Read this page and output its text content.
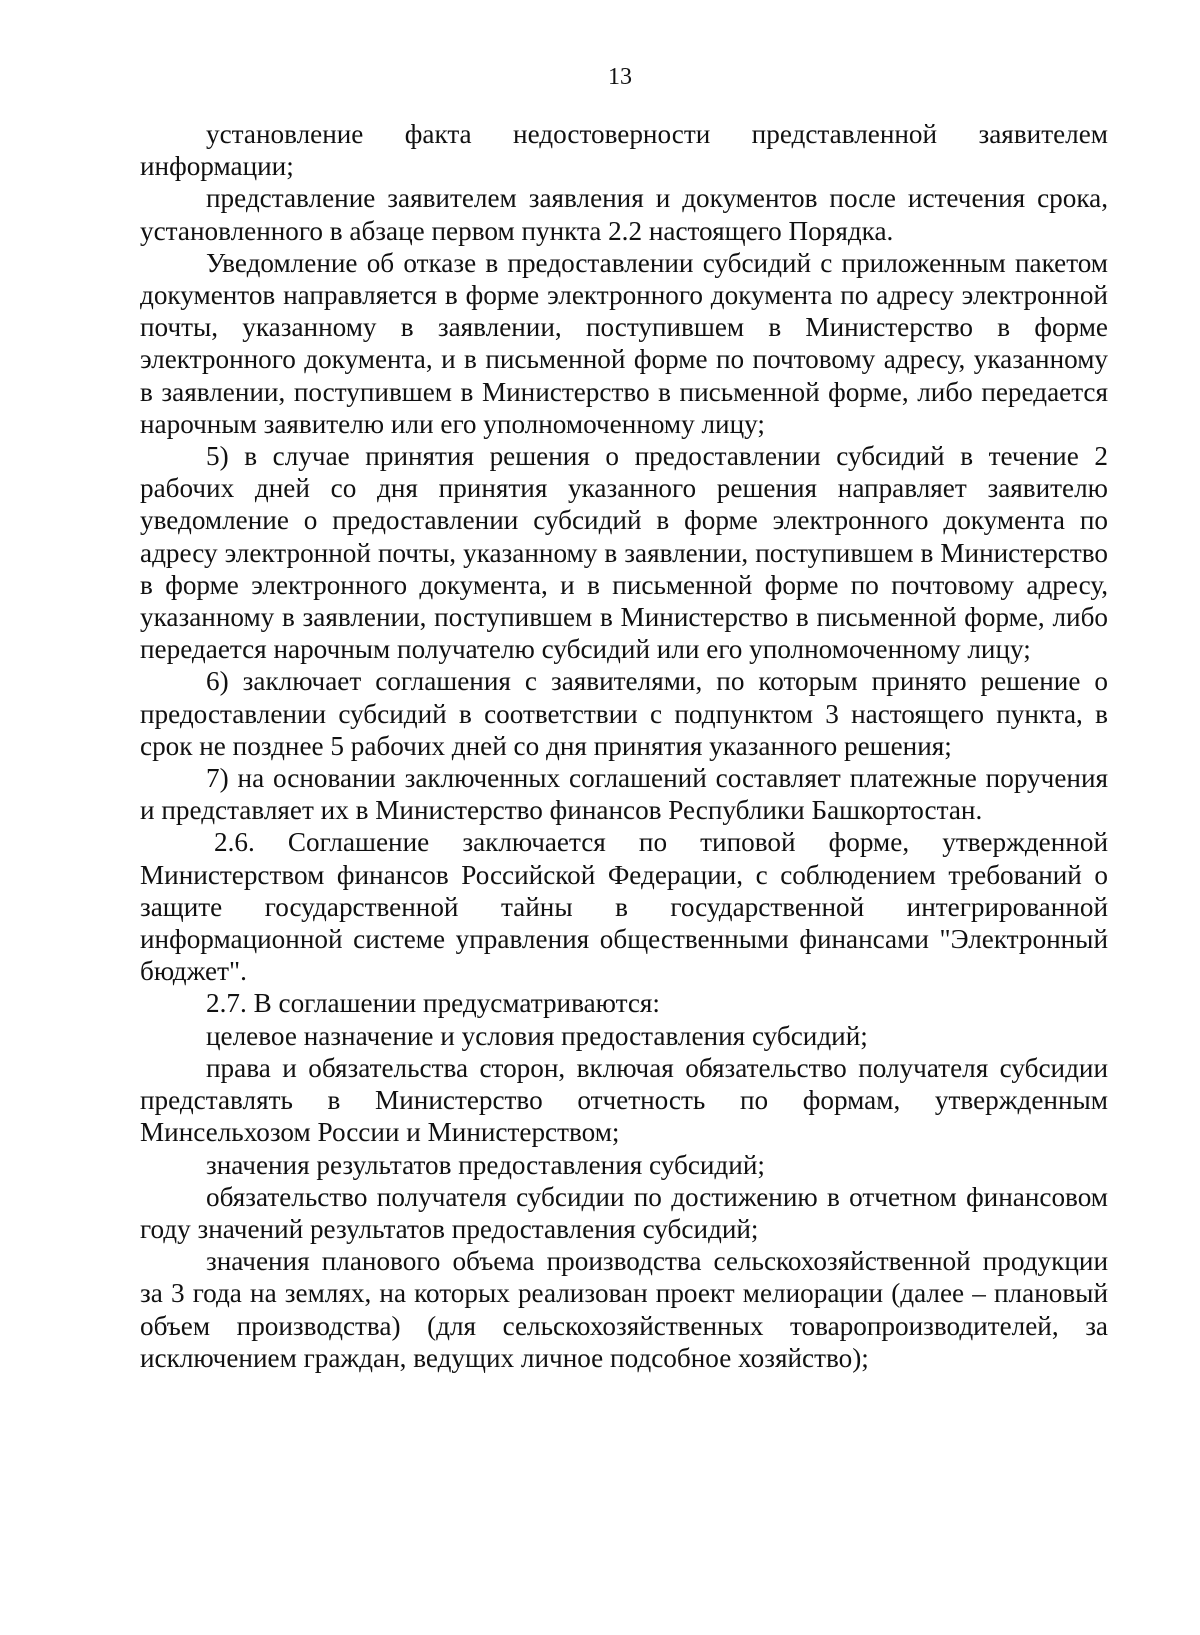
13

установление факта недостоверности представленной заявителем информации;

представление заявителем заявления и документов после истечения срока, установленного в абзаце первом пункта 2.2 настоящего Порядка.

Уведомление об отказе в предоставлении субсидий с приложенным пакетом документов направляется в форме электронного документа по адресу электронной почты, указанному в заявлении, поступившем в Министерство в форме электронного документа, и в письменной форме по почтовому адресу, указанному в заявлении, поступившем в Министерство в письменной форме, либо передается нарочным заявителю или его уполномоченному лицу;

5) в случае принятия решения о предоставлении субсидий в течение 2 рабочих дней со дня принятия указанного решения направляет заявителю уведомление о предоставлении субсидий в форме электронного документа по адресу электронной почты, указанному в заявлении, поступившем в Министерство в форме электронного документа, и в письменной форме по почтовому адресу, указанному в заявлении, поступившем в Министерство в письменной форме, либо передается нарочным получателю субсидий или его уполномоченному лицу;

6) заключает соглашения с заявителями, по которым принято решение о предоставлении субсидий в соответствии с подпунктом 3 настоящего пункта, в срок не позднее 5 рабочих дней со дня принятия указанного решения;

7) на основании заключенных соглашений составляет платежные поручения и представляет их в Министерство финансов Республики Башкортостан.

2.6. Соглашение заключается по типовой форме, утвержденной Министерством финансов Российской Федерации, с соблюдением требований о защите государственной тайны в государственной интегрированной информационной системе управления общественными финансами "Электронный бюджет".

2.7. В соглашении предусматриваются:

целевое назначение и условия предоставления субсидий;

права и обязательства сторон, включая обязательство получателя субсидии представлять в Министерство отчетность по формам, утвержденным Минсельхозом России и Министерством;

значения результатов предоставления субсидий;

обязательство получателя субсидии по достижению в отчетном финансовом году значений результатов предоставления субсидий;

значения планового объема производства сельскохозяйственной продукции за 3 года на землях, на которых реализован проект мелиорации (далее – плановый объем производства) (для сельскохозяйственных товаропроизводителей, за исключением граждан, ведущих личное подсобное хозяйство);
